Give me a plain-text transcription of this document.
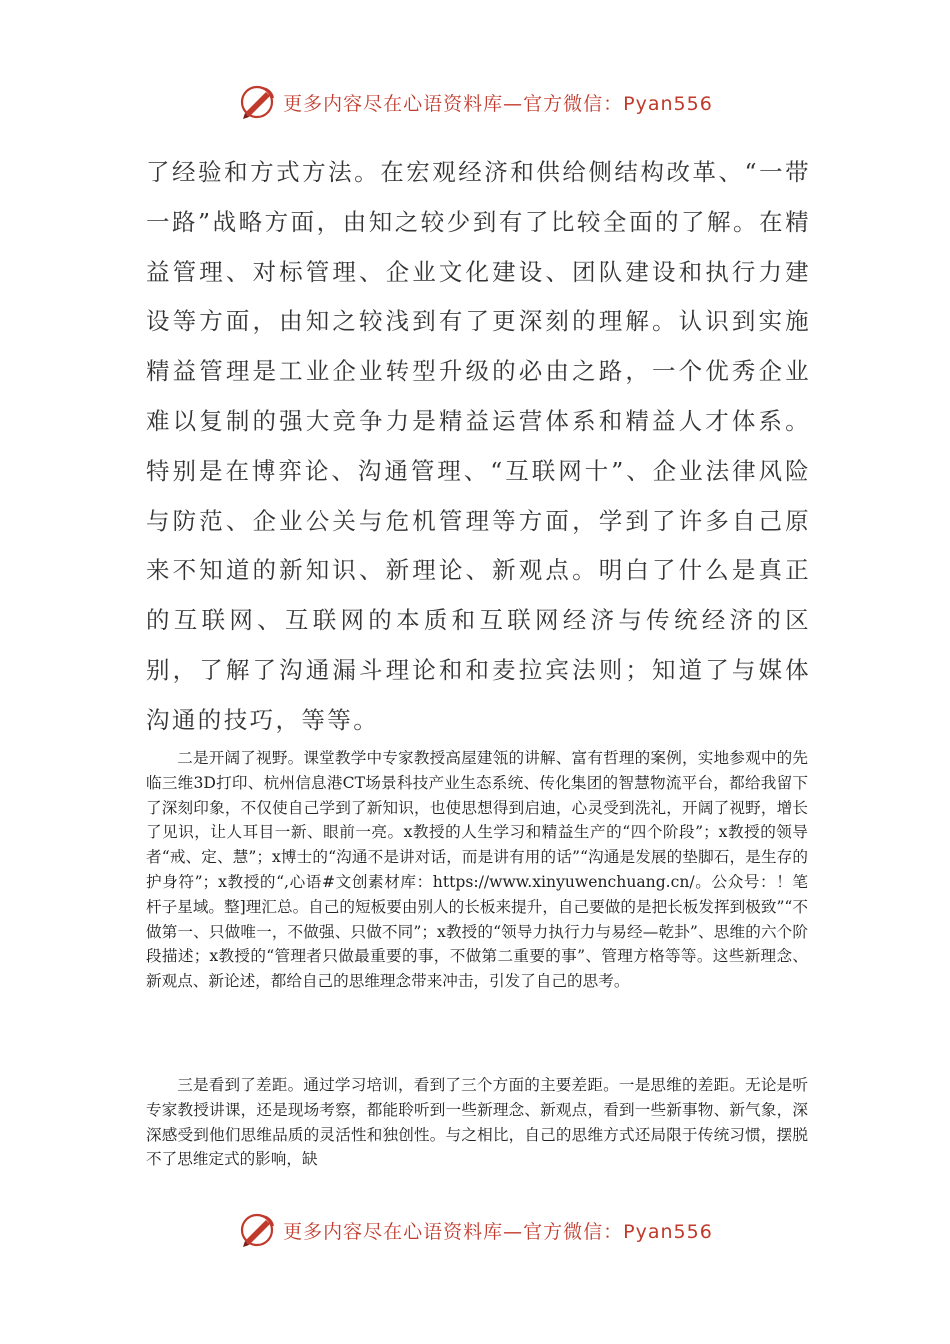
更多内容尽在心语资料库—官方微信：Pyan556

了经验和方式方法。在宏观经济和供给侧结构改革、“一带一路”战略方面，由知之较少到有了比较全面的了解。在精益管理、对标管理、企业文化建设、团队建设和执行力建设等方面，由知之较浅到有了更深刻的理解。认识到实施精益管理是工业企业转型升级的必由之路，一个优秀企业难以复制的强大竞争力是精益运营体系和精益人才体系。特别是在博弈论、沟通管理、“互联网十”、企业法律风险与防范、企业公关与危机管理等方面，学到了许多自己原来不知道的新知识、新理论、新观点。明白了什么是真正的互联网、互联网的本质和互联网经济与传统经济的区别，了解了沟通漏斗理论和和麦拉宾法则；知道了与媒体沟通的技巧，等等。

二是开阔了视野。课堂教学中专家教授高屋建瓴的讲解、富有哲理的案例，实地参观中的先临三维3D打印、杭州信息港CT场景科技产业生态系统、传化集团的智慧物流平台，都给我留下了深刻印象，不仅使自己学到了新知识，也使思想得到启迪，心灵受到洗礼，开阔了视野，增长了见识，让人耳目一新、眼前一亮。x教授的人生学习和精益生产的“四个阶段”；x教授的领导者“戒、定、慧”；x博士的“沟通不是讲对话，而是讲有用的话”“沟通是发展的垫脚石，是生存的护身符”；x教授的“,心语#文创素材库：https://www.xinyuwenchuang.cn/。公众号：！笔杆子星域。整]理汇总。自己的短板要由别人的长板来提升，自己要做的是把长板发挥到极致”“不做第一、只做唯一，不做强、只做不同”；x教授的“领导力执行力与易经—乾卦”、思维的六个阶段描述；x教授的“管理者只做最重要的事，不做第二重要的事”、管理方格等等。这些新理念、新观点、新论述，都给自己的思维理念带来冲击，引发了自己的思考。

三是看到了差距。通过学习培训，看到了三个方面的主要差距。一是思维的差距。无论是听专家教授讲课，还是现场考察，都能聆听到一些新理念、新观点，看到一些新事物、新气象，深深感受到他们思维品质的灵活性和独创性。与之相比，自己的思维方式还局限于传统习惯，摆脱不了思维定式的影响，缺

更多内容尽在心语资料库—官方微信：Pyan556
